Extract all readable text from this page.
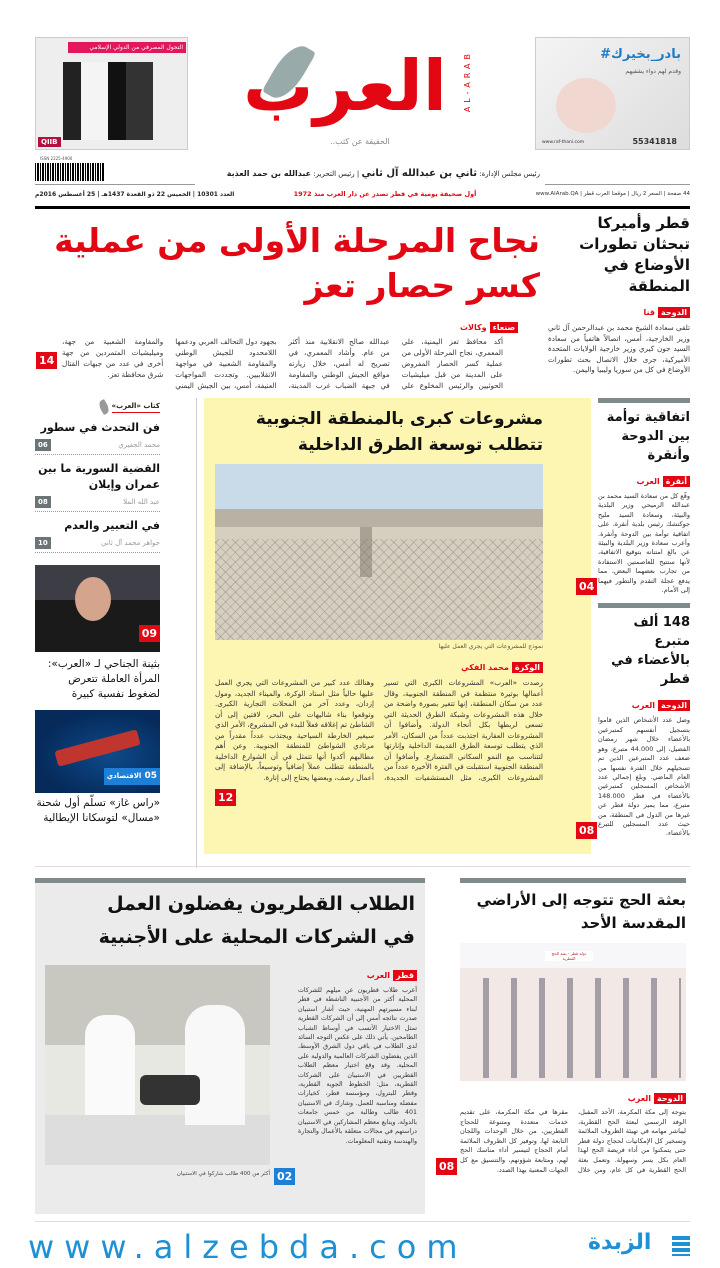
التحول المصرفي من الدولي الإسلامي
QIIB
العرب	AL-ARAB
..الحقيقة عن كثب
#بادر_بخيرك
وقدم لهم دواء يشفيهم
www.raf-thani.com	55341818
ISSN 2225-4900
رئيس مجلس الإدارة: ثاني بن عبدالله آل ثاني | رئيس التحرير: عبدالله بن حمد العذبة
العدد 10301 | الخميس 22 ذو القعدة 1437هـ | 25 أغسطس 2016م	أول صحيفة يومية في قطر تصدر عن دار العرب منذ 1972	44 صفحة | السعر 2 ريال | موقعنا العرب قطر | www.AlArab.QA
قطر وأميركا تبحثان تطورات الأوضاع في المنطقة
الدوحةقنا
تلقى سعادة الشيخ محمد بن عبدالرحمن آل ثاني وزير الخارجية، أمس، اتصالاً هاتفياً من سعادة السيد جون كيري وزير خارجية الولايات المتحدة الأميركية، جرى خلال الاتصال بحث تطورات الأوضاع في كل من سوريا وليبيا واليمن.
نجاح المرحلة الأولى من عملية
كسر حصار تعز
صنعاءوكالات
أكد محافظ تعز اليمنية، علي المعمري، نجاح المرحلة الأولى من عملية كسر الحصار المفروض على المدينة من قبل ميليشيات الحوثيين والرئيس المخلوع علي عبدالله صالح الانقلابية منذ أكثر من عام. وأشاد المعمري، في تصريح له أمس، خلال زيارته مواقع الجيش الوطني والمقاومة في جبهة الضباب غرب المدينة، بجهود دول التحالف العربي ودعمها اللامحدود للجيش الوطني والمقاومة الشعبية في مواجهة الانقلابيين. وتجددت المواجهات العنيفة، أمس، بين الجيش اليمني والمقاومة الشعبية من جهة، وميليشيات المتمردين من جهة أخرى في عدد من جبهات القتال شرق محافظة تعز.
14
كتاب «العرب»
فن التحدث في سطور
محمد الجفيري
06
القضية السورية ما بين عمران وإيلان
عبد الله الملا
08
في التعبير والعدم
جواهر محمد آل ثاني
10
09
بثينة الجناحي لـ «العرب»: المرأة العاملة تتعرض لضغوط نفسية كبيرة
05 الاقتصادي
«راس غاز» تسلّم أول شحنة «مسال» لتوسكانا الإيطالية
مشروعات كبرى بالمنطقة الجنوبية
تتطلب توسعة الطرق الداخلية
نموذج للمشروعات التي يجري العمل عليها
الوكرةمحمد الفكي
رصدت «العرب» المشروعات الكبرى التي تسير أعمالها بوتيرة منتظمة في المنطقة الجنوبية، وقال عدد من سكان المنطقة، إنها تتغير بصورة واضحة من خلال هذه المشروعات وشبكة الطرق الحديثة التي تسعى لربطها بكل أنحاء الدولة. وأضافوا أن المشروعات العقارية اجتذبت عدداً من السكان، الأمر الذي يتطلب توسعة الطرق القديمة الداخلية وإنارتها لتتناسب مع النمو السكاني المتسارع. وأضافوا أن المنطقة الجنوبية استقبلت في الفترة الأخيرة عدداً من المشروعات الكبرى، مثل المستشفيات الجديدة، وهنالك عدد كبير من المشروعات التي يجري العمل عليها حالياً مثل استاد الوكرة، والميناء الجديد، ومول إزدان، وعدد آخر من المحلات التجارية الكبرى. وتوقعوا بناء شاليهات على البحر، لافتين إلى أن الشاطئ تم إغلاقه فعلاً للبدء في المشروع، الأمر الذي سيغير الخارطة السياحية ويجتذب عدداً مقدراً من مرتادي الشواطئ للمنطقة الجنوبية. وعن أهم مطالبهم أكدوا أنها تتمثل في أن الشوارع الداخلية بالمنطقة تتطلب عملاً إضافياً وتوسيعاً، بالإضافة إلى أعمال رصف، وبعضها يحتاج إلى إنارة.
12
اتفاقية توأمة بين الدوحة وأنقرة
أنقرةالعرب
وقّع كل من سعادة السيد محمد بن عبدالله الرميحي وزير البلدية والبيئة، وسعادة السيد مليح جوكتشك رئيس بلدية أنقرة، على اتفاقية توأمة بين الدوحة وأنقرة. وأعرب سعادة وزير البلدية والبيئة عن بالغ امتنانه بتوقيع الاتفاقية، لأنها ستتيح للعاصمتين الاستفادة من تجارب بعضهما البعض، مما يدفع عجلة التقدم والتطور فيهما إلى الأمام.
04
148 ألف متبرع بالأعضاء في قطر
الدوحةالعرب
وصل عدد الأشخاص الذين قاموا بتسجيل أنفسهم كمتبرعين بالأعضاء خلال شهر رمضان الفضيل، إلى 44.000 متبرع، وهو ضعف عدد المتبرعين الذين تم تسجيلهم خلال الفترة نفسها من العام الماضي. وبلغ إجمالي عدد الأشخاص المسجلين كمتبرعين بالأعضاء في قطر 148.000 متبرع، مما يميز دولة قطر عن غيرها من الدول في المنطقة، من حيث عدد المسجلين للتبرع بالأعضاء.
08
الطلاب القطريون يفضلون العمل
في الشركات المحلية على الأجنبية
أكثر من 400 طالب شاركوا في الاستبيان 02
قطرالعرب
أعرب طلاب قطريون عن ميلهم للشركات المحلية أكثر من الأجنبية الناشطة في قطر لبناء مسيرتهم المهنية، حيث أشار استبيان صدرت نتائجه أمس إلى أن الشركات القطرية تمثل الاختيار الأنسب في أوساط الشباب الطامحين. يأتي ذلك على عكس التوجه السائد لدى الطلاب في باقي دول الشرق الأوسط، الذين يفضلون الشركات العالمية والدولية على المحلية. وقد وقع اختيار معظم الطلاب القطريين في الاستبيان على الشركات القطرية، مثل: الخطوط الجوية القطرية، وقطر للبترول، ومؤسسة قطر، كخيارات مفضلة ومناسبة للعمل. وشارك في الاستبيان 401 طالب وطالبة من خمس جامعات بالدولة، ويتابع معظم المشاركين في الاستبيان دراستهم في مجالات متعلقة بالأعمال والتجارة والهندسة وتقنية المعلومات.
بعثة الحج تتوجه إلى الأراضي المقدسة الأحد
دولة قطر - بعثة الحج القطرية
الدوحةالعرب
يتوجه إلى مكة المكرمة، الأحد المقبل، الوفد الرسمي لبعثة الحج القطرية، ليباشر مهامه في تهيئة الظروف الملائمة وتسخير كل الإمكانيات لحجاج دولة قطر حتى يتمكنوا من أداء فريضة الحج لهذا العام بكل يسر وسهولة. وتعمل بعثة الحج القطرية في كل عام، ومن خلال مقرها في مكة المكرمة، على تقديم خدمات متعددة ومتنوعة للحجاج القطريين، من خلال الوحدات واللجان التابعة لها، وتوفير كل الظروف الملائمة أمام الحجاج لتيسير أداء مناسك الحج لهم، ومتابعة شؤونهم، والتنسيق مع كل الجهات المعنية بهذا الصدد.
08
www.alzebda.com	الزبدة
